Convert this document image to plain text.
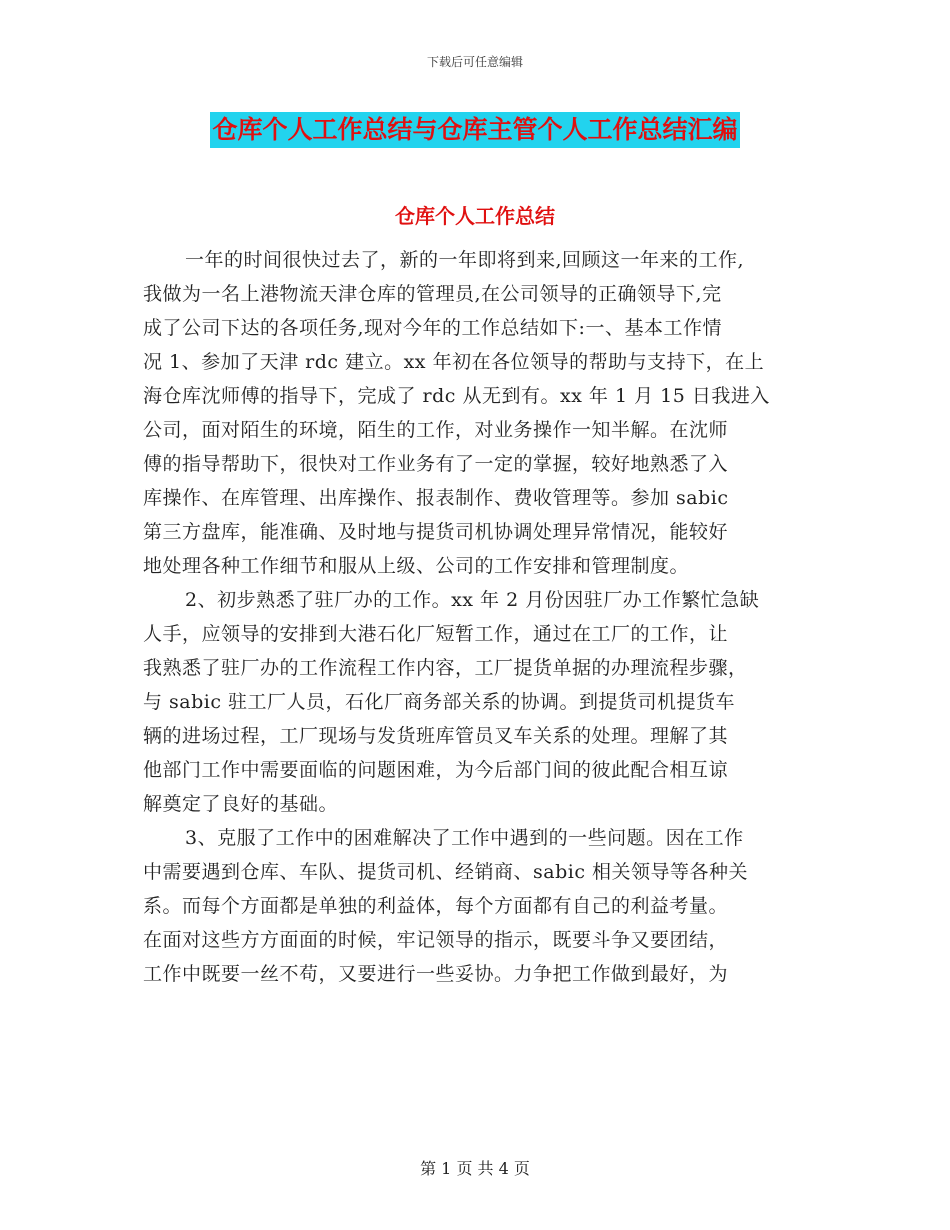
下载后可任意编辑
仓库个人工作总结与仓库主管个人工作总结汇编
仓库个人工作总结
一年的时间很快过去了，新的一年即将到来,回顾这一年来的工作,
我做为一名上港物流天津仓库的管理员,在公司领导的正确领导下,完
成了公司下达的各项任务,现对今年的工作总结如下:一、基本工作情
况 1、参加了天津 rdc 建立。xx 年初在各位领导的帮助与支持下，在上
海仓库沈师傅的指导下，完成了 rdc 从无到有。xx 年 1 月 15 日我进入
公司，面对陌生的环境，陌生的工作，对业务操作一知半解。在沈师
傅的指导帮助下，很快对工作业务有了一定的掌握，较好地熟悉了入
库操作、在库管理、出库操作、报表制作、费收管理等。参加 sabic
第三方盘库，能准确、及时地与提货司机协调处理异常情况，能较好
地处理各种工作细节和服从上级、公司的工作安排和管理制度。
2、初步熟悉了驻厂办的工作。xx 年 2 月份因驻厂办工作繁忙急缺
人手，应领导的安排到大港石化厂短暂工作，通过在工厂的工作，让
我熟悉了驻厂办的工作流程工作内容，工厂提货单据的办理流程步骤，
与 sabic 驻工厂人员，石化厂商务部关系的协调。到提货司机提货车
辆的进场过程，工厂现场与发货班库管员叉车关系的处理。理解了其
他部门工作中需要面临的问题困难，为今后部门间的彼此配合相互谅
解奠定了良好的基础。
3、克服了工作中的困难解决了工作中遇到的一些问题。因在工作
中需要遇到仓库、车队、提货司机、经销商、sabic 相关领导等各种关
系。而每个方面都是单独的利益体，每个方面都有自己的利益考量。
在面对这些方方面面的时候，牢记领导的指示，既要斗争又要团结，
工作中既要一丝不苟，又要进行一些妥协。力争把工作做到最好，为
第 1 页 共 4 页
